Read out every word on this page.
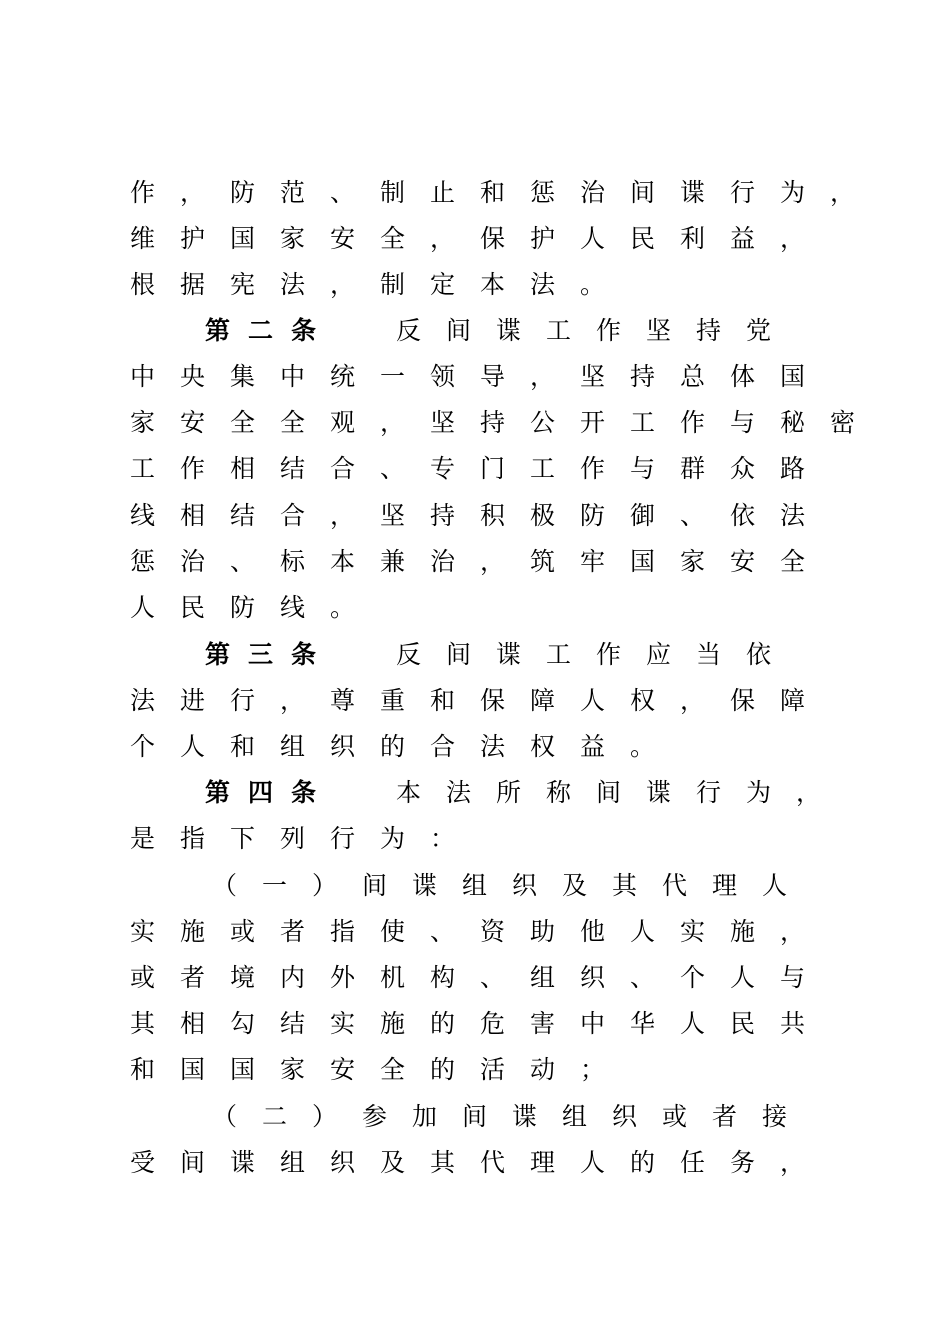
作，防范、制止和惩治间谍行为，
维护国家安全，保护人民利益，
根据宪法，制定本法。
第二条 反间谍工作坚持党
中央集中统一领导，坚持总体国
家安全全观，坚持公开工作与秘密
工作相结合、专门工作与群众路
线相结合，坚持积极防御、依法
惩治、标本兼治，筑牢国家安全
人民防线。
第三条 反间谍工作应当依
法进行，尊重和保障人权，保障
个人和组织的合法权益。
第四条 本法所称间谍行为，
是指下列行为：
（一）间谍组织及其代理人
实施或者指使、资助他人实施，
或者境内外机构、组织、个人与
其相勾结实施的危害中华人民共
和国国家安全的活动；
（二）参加间谍组织或者接
受间谍组织及其代理人的任务，
